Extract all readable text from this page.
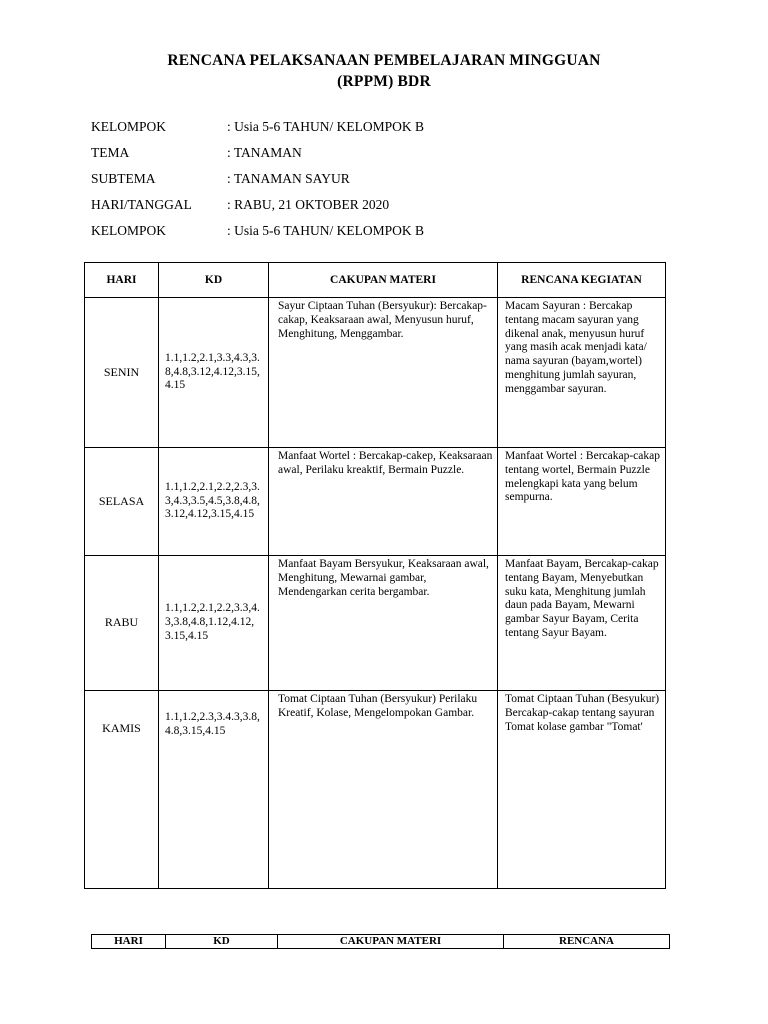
RENCANA PELAKSANAAN PEMBELAJARAN MINGGUAN
(RPPM) BDR
KELOMPOK	: Usia 5-6 TAHUN/ KELOMPOK B
TEMA	: TANAMAN
SUBTEMA	: TANAMAN SAYUR
HARI/TANGGAL	: RABU, 21 OKTOBER 2020
KELOMPOK	: Usia 5-6 TAHUN/ KELOMPOK B
HARI	KD	CAKUPAN MATERI	RENCANA KEGIATAN
SENIN	1.1,1.2,2.1,3.3,4.3,3.8,4.8,3.12,4.12,3.15,4.15	Sayur Ciptaan Tuhan (Bersyukur): Bercakap-cakap, Keaksaraan awal, Menyusun huruf, Menghitung, Menggambar.	Macam Sayuran : Bercakap tentang macam sayuran yang dikenal anak, menyusun huruf yang masih acak menjadi kata/ nama sayuran (bayam,wortel) menghitung jumlah sayuran, menggambar sayuran.
SELASA	1.1,1.2,2.1,2.2,2.3,3.3,4.3,3.5,4.5,3.8,4.8,3.12,4.12,3.15,4.15	Manfaat Wortel : Bercakap-cakep, Keaksaraan awal, Perilaku kreaktif, Bermain Puzzle.	Manfaat Wortel : Bercakap-cakap tentang wortel, Bermain Puzzle melengkapi kata yang belum sempurna.
RABU	1.1,1.2,2.1,2.2,3.3,4.3,3.8,4.8,1.12,4.12,3.15,4.15	Manfaat Bayam Bersyukur, Keaksaraan awal, Menghitung, Mewarnai gambar, Mendengarkan cerita bergambar.	Manfaat Bayam, Bercakap-cakap tentang Bayam, Menyebutkan suku kata, Menghitung jumlah daun pada Bayam, Mewarni gambar Sayur Bayam, Cerita tentang Sayur Bayam.
KAMIS	1.1,1.2,2.3,3.4.3,3.8,4.8,3.15,4.15	Tomat Ciptaan Tuhan (Bersyukur) Perilaku Kreatif, Kolase, Mengelompokan Gambar.	Tomat Ciptaan Tuhan (Besyukur) Bercakap-cakap tentang sayuran Tomat kolase gambar "Tomat'
HARI	KD	CAKUPAN MATERI	RENCANA
